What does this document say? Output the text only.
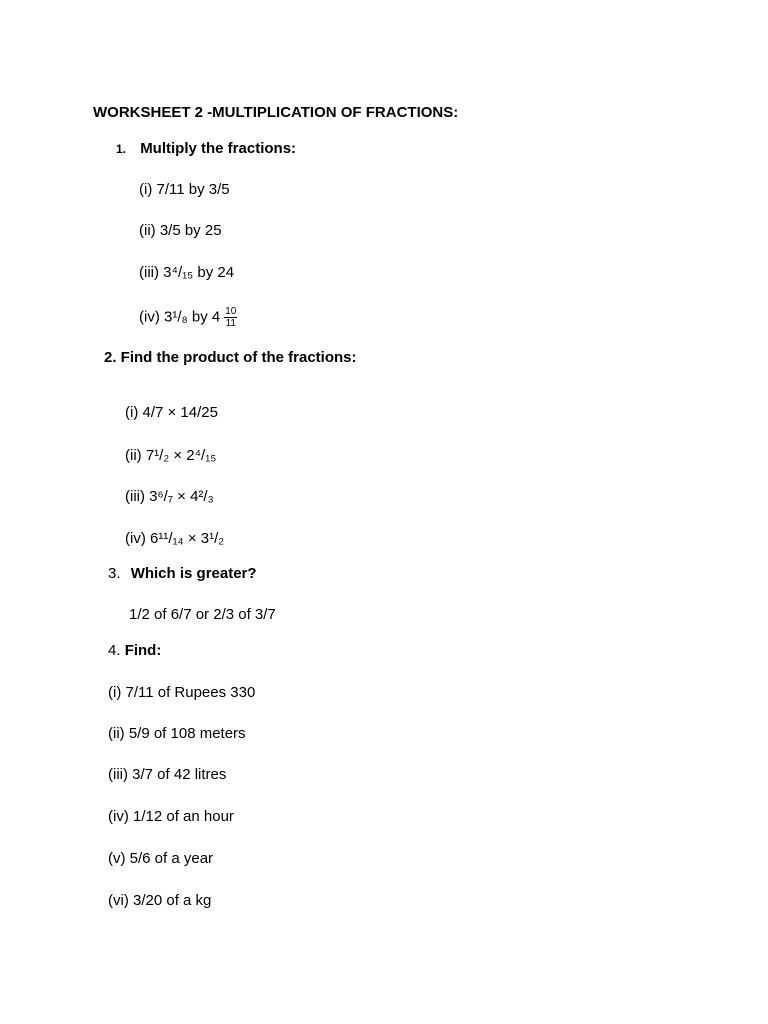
WORKSHEET 2 -MULTIPLICATION OF FRACTIONS:
1. Multiply the fractions:
(i) 7/11 by 3/5
(ii) 3/5 by 25
(iii) 3⁴/₁₅ by 24
(iv) 3¹/₈ by $4 \frac{10}{11}$
2. Find the product of the fractions:
(i) 4/7 × 14/25
(ii) 7¹/₂ × 2⁴/₁₅
(iii) 3⁶/₇ × 4²/₃
(iv) 6¹¹/₁₄ × 3¹/₂
3. Which is greater?
1/2 of 6/7 or 2/3 of 3/7
4. Find:
(i) 7/11 of Rupees 330
(ii) 5/9 of 108 meters
(iii) 3/7 of 42 litres
(iv) 1/12 of an hour
(v) 5/6 of a year
(vi) 3/20 of a kg
